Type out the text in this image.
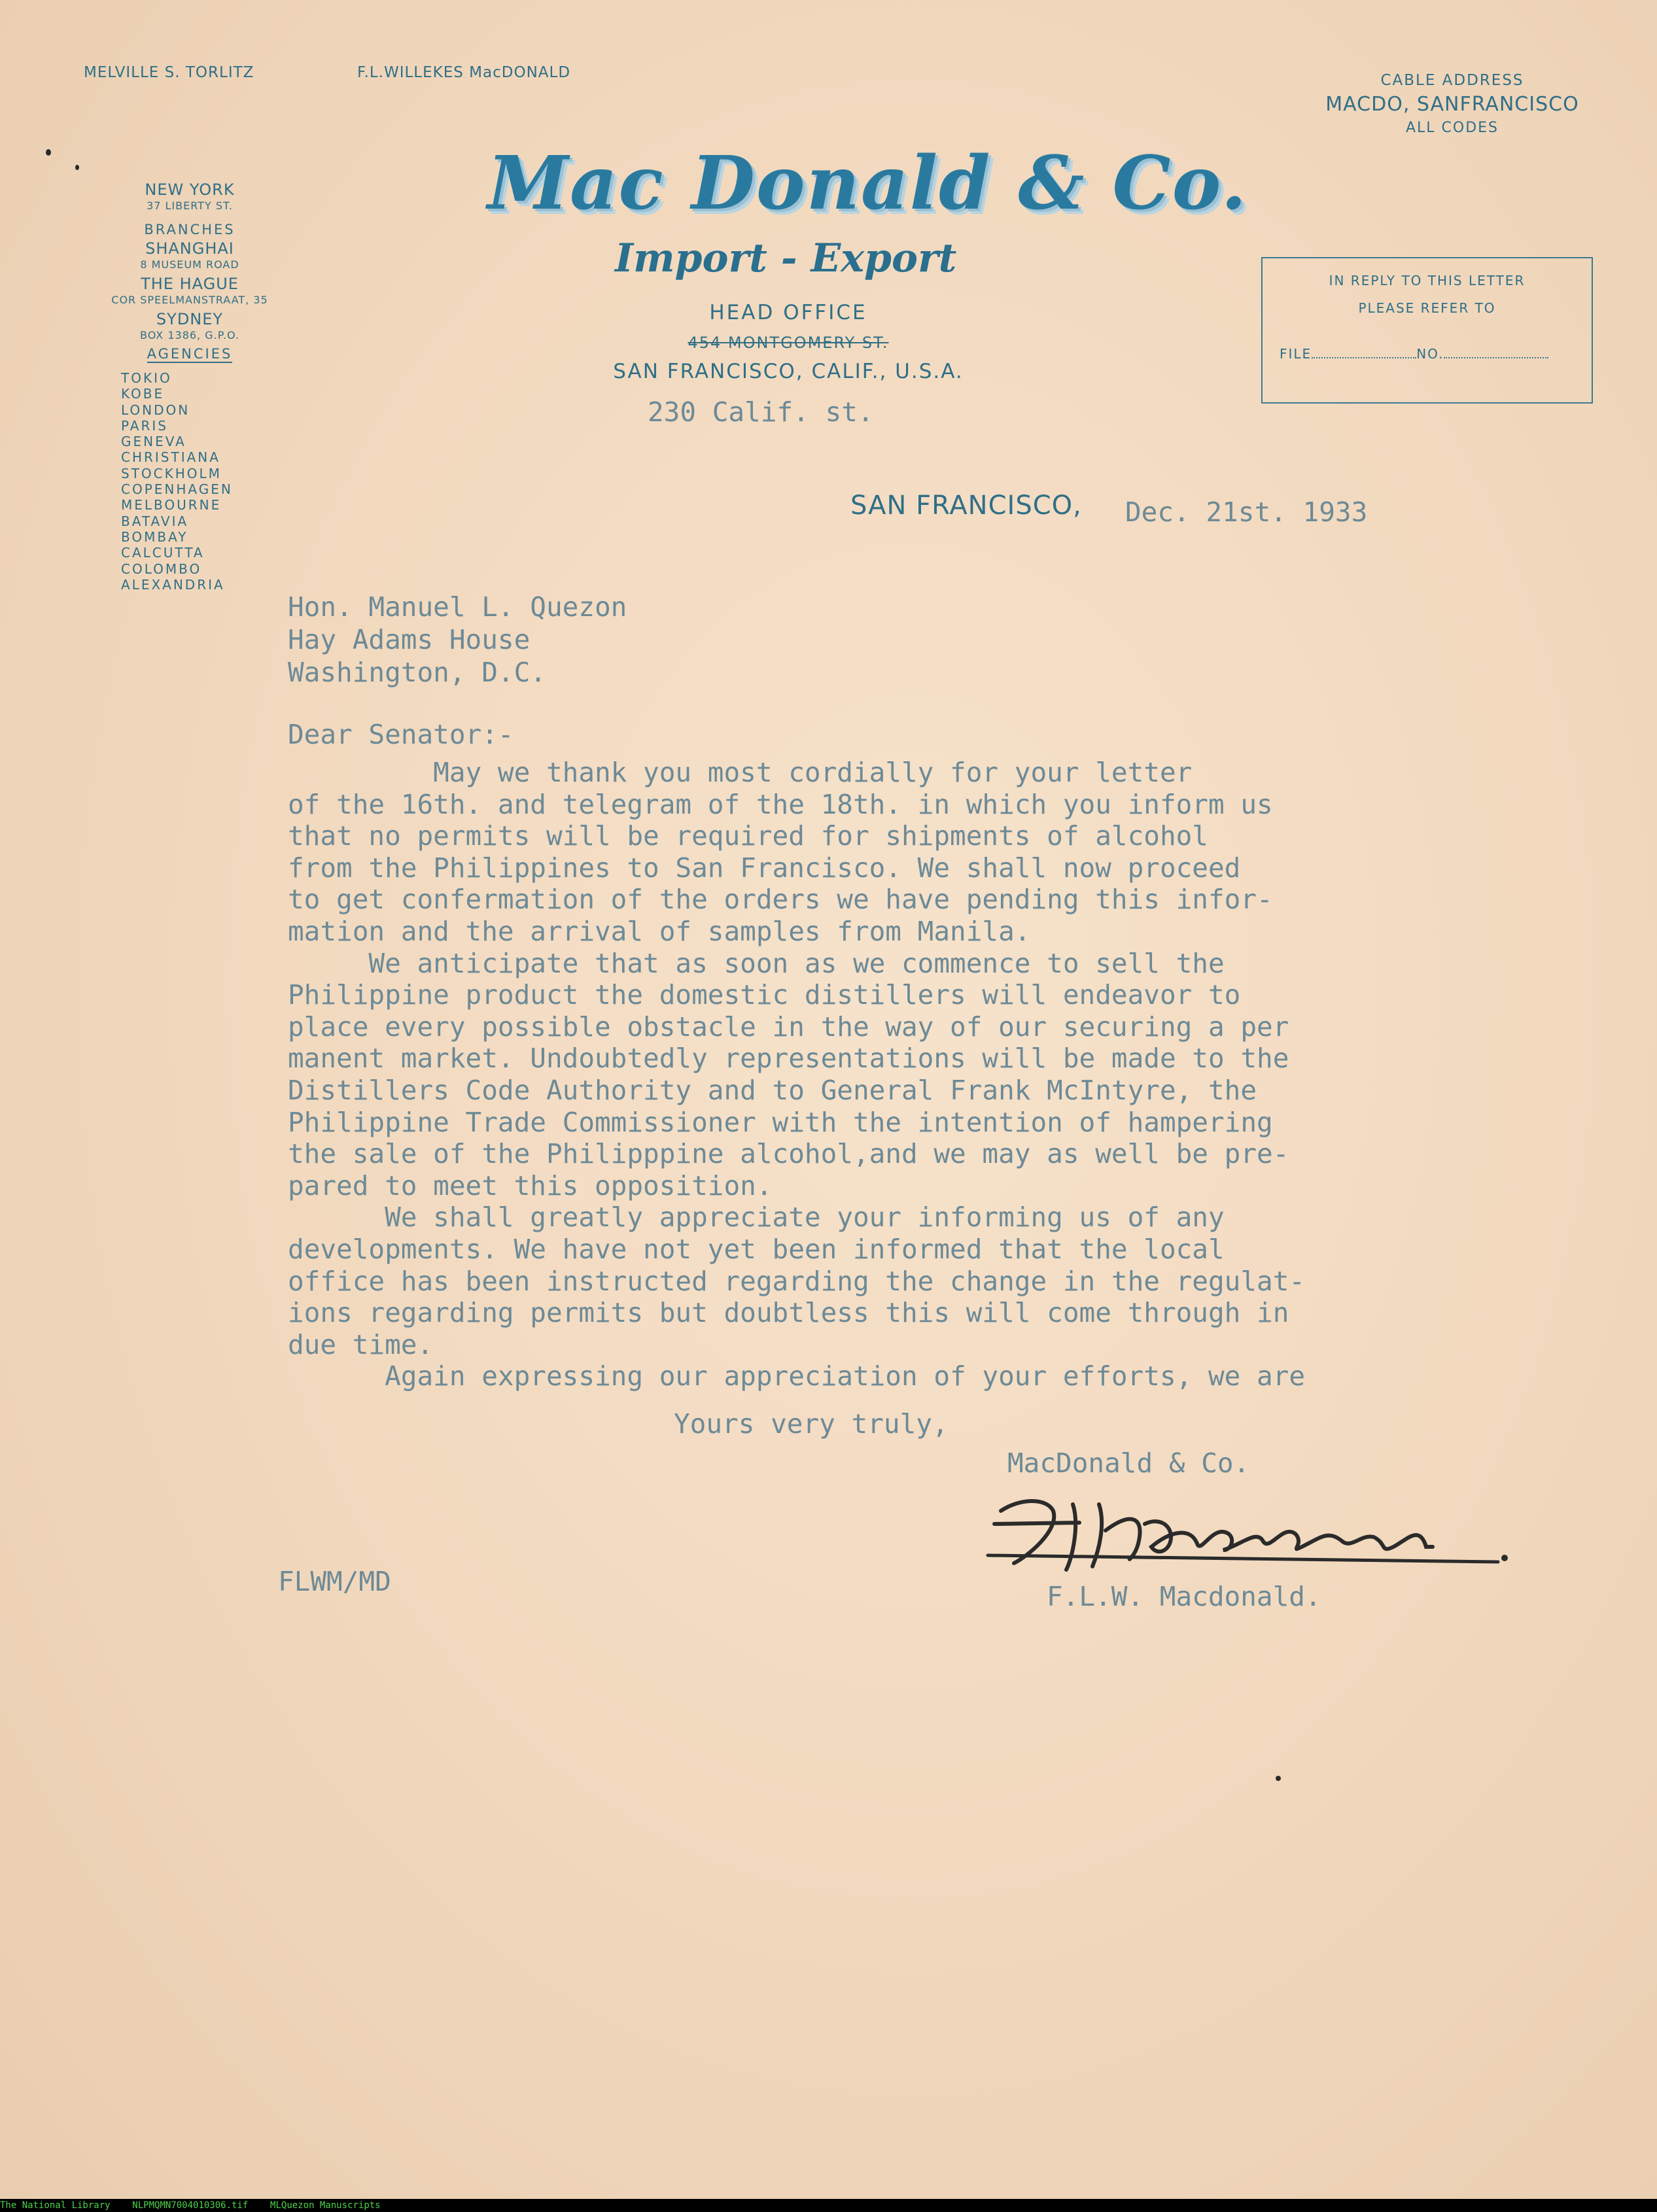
MELVILLE S. TORLITZ	F.L.WILLEKES MacDONALD	CABLE ADDRESS
MACDO, SANFRANCISCO
ALL CODES
Mac Donald & Co.
Import - Export
HEAD OFFICE
454 MONTGOMERY ST.
SAN FRANCISCO, CALIF., U.S.A.
230 Calif. st.
NEW YORK
37 LIBERTY ST.
BRANCHES
SHANGHAI
8 MUSEUM ROAD
THE HAGUE
COR SPEELMANSTRAAT, 35
SYDNEY
BOX 1386, G.P.O.
AGENCIES
TOKIO
KOBE
LONDON
PARIS
GENEVA
CHRISTIANA
STOCKHOLM
COPENHAGEN
MELBOURNE
BATAVIA
BOMBAY
CALCUTTA
COLOMBO
ALEXANDRIA
IN REPLY TO THIS LETTER
PLEASE REFER TO
FILE	NO.
SAN FRANCISCO, Dec. 21st. 1933
Hon. Manuel L. Quezon
Hay Adams House
Washington, D.C.
Dear Senator:-
May we thank you most cordially for your letter
of the 16th. and telegram of the 18th. in which you inform us
that no permits will be required for shipments of alcohol
from the Philippines to San Francisco. We shall now proceed
to get confermation of the orders we have pending this infor-
mation and the arrival of samples from Manila.
We anticipate that as soon as we commence to sell the
Philippine product the domestic distillers will endeavor to
place every possible obstacle in the way of our securing a per
manent market. Undoubtedly representations will be made to the
Distillers Code Authority and to General Frank McIntyre, the
Philippine Trade Commissioner with the intention of hampering
the sale of the Philipppine alcohol,and we may as well be pre-
pared to meet this opposition.
We shall greatly appreciate your informing us of any
developments. We have not yet been informed that the local
office has been instructed regarding the change in the regulat-
ions regarding permits but doubtless this will come through in
due time.
Again expressing our appreciation of your efforts, we are
Yours very truly,
MacDonald & Co.
F.L.W. Macdonald.
FLWM/MD
The National Library NLPMQMN7004010306.tif MLQuezon Manuscripts
